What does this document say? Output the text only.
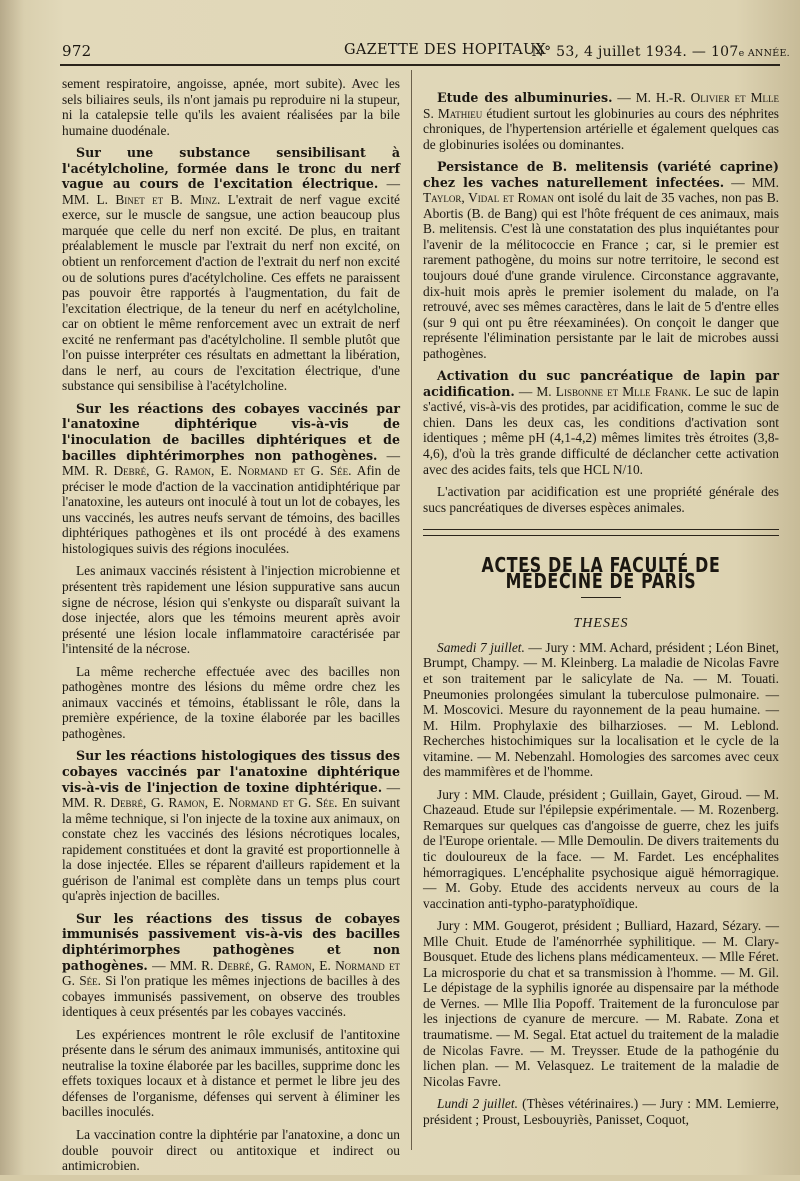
972	GAZETTE DES HOPITAUX
N° 53, 4 juillet 1934. — 107e ANNÉE.

sement respiratoire, angoisse, apnée, mort subite). Avec les sels biliaires seuls, ils n'ont jamais pu reproduire ni la stupeur, ni la catalepsie telle qu'ils les avaient réalisées par la bile humaine duodénale.

Sur une substance sensibilisant à l'acétylcholine, formée dans le tronc du nerf vague au cours de l'excitation électrique. — MM. L. Binet et B. Minz. L'extrait de nerf vague excité exerce, sur le muscle de sangsue, une action beaucoup plus marquée que celle du nerf non excité. De plus, en traitant préalablement le muscle par l'extrait du nerf non excité, on obtient un renforcement d'action de l'extrait du nerf non excité ou de solutions pures d'acétylcholine. Ces effets ne paraissent pas pouvoir être rapportés à l'augmentation, du fait de l'excitation électrique, de la teneur du nerf en acétylcholine, car on obtient le même renforcement avec un extrait de nerf excité ne renfermant pas d'acétylcholine. Il semble plutôt que l'on puisse interpréter ces résultats en admettant la libération, dans le nerf, au cours de l'excitation électrique, d'une substance qui sensibilise à l'acétylcholine.

Sur les réactions des cobayes vaccinés par l'anatoxine diphtérique vis-à-vis de l'inoculation de bacilles diphtériques et de bacilles diphtérimorphes non pathogènes. — MM. R. Debré, G. Ramon, E. Normand et G. Sée. Afin de préciser le mode d'action de la vaccination antidiphtérique par l'anatoxine, les auteurs ont inoculé à tout un lot de cobayes, les uns vaccinés, les autres neufs servant de témoins, des bacilles diphtériques pathogènes et ils ont procédé à des examens histologiques suivis des régions inoculées.

Les animaux vaccinés résistent à l'injection microbienne et présentent très rapidement une lésion suppurative sans aucun signe de nécrose, lésion qui s'enkyste ou disparaît suivant la dose injectée, alors que les témoins meurent après avoir présenté une lésion locale inflammatoire caractérisée par l'intensité de la nécrose.

La même recherche effectuée avec des bacilles non pathogènes montre des lésions du même ordre chez les animaux vaccinés et témoins, établissant le rôle, dans la première expérience, de la toxine élaborée par les bacilles pathogènes.

Sur les réactions histologiques des tissus des cobayes vaccinés par l'anatoxine diphtérique vis-à-vis de l'injection de toxine diphtérique. — MM. R. Debré, G. Ramon, E. Normand et G. Sée. En suivant la même technique, si l'on injecte de la toxine aux animaux, on constate chez les vaccinés des lésions nécrotiques locales, rapidement constituées et dont la gravité est proportionnelle à la dose injectée. Elles se réparent d'ailleurs rapidement et la guérison de l'animal est complète dans un temps plus court qu'après injection de bacilles.

Sur les réactions des tissus de cobayes immunisés passivement vis-à-vis des bacilles diphtérimorphes pathogènes et non pathogènes. — MM. R. Debré, G. Ramon, E. Normand et G. Sée. Si l'on pratique les mêmes injections de bacilles à des cobayes immunisés passivement, on observe des troubles identiques à ceux présentés par les cobayes vaccinés.

Les expériences montrent le rôle exclusif de l'antitoxine présente dans le sérum des animaux immunisés, antitoxine qui neutralise la toxine élaborée par les bacilles, supprime donc les effets toxiques locaux et à distance et permet le libre jeu des défenses de l'organisme, défenses qui servent à éliminer les bacilles inoculés.

La vaccination contre la diphtérie par l'anatoxine, a donc un double pouvoir direct ou antitoxique et indirect ou antimicrobien.

Etude des albuminuries. — M. H.-R. Olivier et Mlle S. Mathieu étudient surtout les globinuries au cours des néphrites chroniques, de l'hypertension artérielle et également quelques cas de globinuries isolées ou dominantes.

Persistance de B. melitensis (variété caprine) chez les vaches naturellement infectées. — MM. Taylor, Vidal et Roman ont isolé du lait de 35 vaches, non pas B. Abortis (B. de Bang) qui est l'hôte fréquent de ces animaux, mais B. melitensis. C'est là une constatation des plus inquiétantes pour l'avenir de la mélitococcie en France ; car, si le premier est rarement pathogène, du moins sur notre territoire, le second est toujours doué d'une grande virulence. Circonstance aggravante, dix-huit mois après le premier isolement du malade, on l'a retrouvé, avec ses mêmes caractères, dans le lait de 5 d'entre elles (sur 9 qui ont pu être réexaminées). On conçoit le danger que représente l'élimination persistante par le lait de microbes aussi pathogènes.

Activation du suc pancréatique de lapin par acidification. — M. Lisbonne et Mlle Frank. Le suc de lapin s'activé, vis-à-vis des protides, par acidification, comme le suc de chien. Dans les deux cas, les conditions d'activation sont identiques ; même pH (4,1-4,2) mêmes limites très étroites (3,8-4,6), d'où la très grande difficulté de déclancher cette activation avec des acides faits, tels que HCL N/10.

L'activation par acidification est une propriété générale des sucs pancréatiques de diverses espèces animales.

ACTES DE LA FACULTÉ DE MÉDECINE DE PARIS
THESES

Samedi 7 juillet. — Jury : MM. Achard, président ; Léon Binet, Brumpt, Champy. — M. Kleinberg. La maladie de Nicolas Favre et son traitement par le salicylate de Na. — M. Touati. Pneumonies prolongées simulant la tuberculose pulmonaire. — M. Moscovici. Mesure du rayonnement de la peau humaine. — M. Hilm. Prophylaxie des bilharzioses. — M. Leblond. Recherches histochimiques sur la localisation et le cycle de la vitamine. — M. Nebenzahl. Homologies des sarcomes avec ceux des mammifères et de l'homme.

Jury : MM. Claude, président ; Guillain, Gayet, Giroud. — M. Chazeaud. Etude sur l'épilepsie expérimentale. — M. Rozenberg. Remarques sur quelques cas d'angoisse de guerre, chez les juifs de l'Europe orientale. — Mlle Demoulin. De divers traitements du tic douloureux de la face. — M. Fardet. Les encéphalites hémorragiques. L'encéphalite psychosique aiguë hémorragique. — M. Goby. Etude des accidents nerveux au cours de la vaccination anti-typho-paratyphoïdique.

Jury : MM. Gougerot, président ; Bulliard, Hazard, Sézary. — Mlle Chuit. Etude de l'aménorrhée syphilitique. — M. Clary-Bousquet. Etude des lichens plans médicamenteux. — Mlle Féret. La microsporie du chat et sa transmission à l'homme. — M. Gil. Le dépistage de la syphilis ignorée au dispensaire par la méthode de Vernes. — Mlle Ilia Popoff. Traitement de la furonculose par les injections de cyanure de mercure. — M. Rabate. Zona et traumatisme. — M. Segal. Etat actuel du traitement de la maladie de Nicolas Favre. — M. Treysser. Etude de la pathogénie du lichen plan. — M. Velasquez. Le traitement de la maladie de Nicolas Favre.

Lundi 2 juillet. (Thèses vétérinaires.) — Jury : MM. Lemierre, président ; Proust, Lesbouyriès, Panisset, Coquot,
